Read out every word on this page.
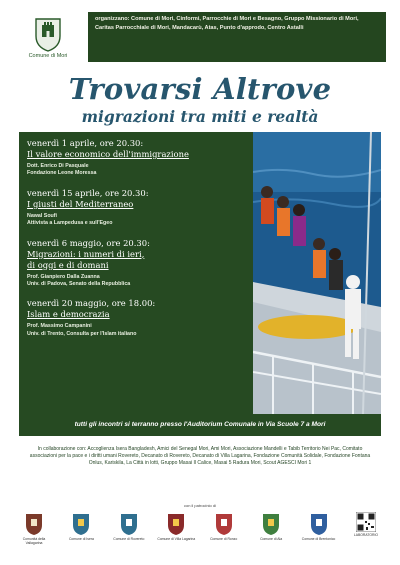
Comune di Mori
organizzano: Comune di Mori, Cinformi, Parrocchie di Mori e Besagno, Gruppo Missionario di Mori, Caritas Parrocchiale di Mori, Mandacarù, Atas, Punto d'approdo, Centro Astalli
Trovarsi Altrove
migrazioni tra miti e realtà
venerdì 1 aprile, ore 20.30:
Il valore economico dell'immigrazione
Dott. Enrico Di Pasquale
Fondazione Leone Moressa
venerdì 15 aprile, ore 20.30:
I giusti del Mediterraneo
Nawal Soufi
Attivista a Lampedusa e sull'Egeo
venerdì 6 maggio, ore 20.30:
Migrazioni: i numeri di ieri,
di oggi e di domani
Prof. Gianpiero Dalla Zuanna
Univ. di Padova, Senato della Repubblica
venerdì 20 maggio, ore 18.00:
Islam e democrazia
Prof. Massimo Campanini
Univ. di Trento, Consulta per l'Islam italiano
tutti gli incontri si terranno presso l'Auditorium Comunale in Via Scuole 7 a Mori
In collaborazione con: Accoglienza Isera Bangladesh, Amici del Senegal Mori, Ami Mori, Associazione Mandelli e Tabib Territorio Nei Pac, Comitato associazioni per la pace e i diritti umani Rovereto, Decanato di Rovereto, Decanato di Villa Lagarina, Fondazione Comunità Solidale, Fondazione Fontana Onlus, Kariskila, La Città in lotti, Gruppo Masai Il Calice, Masai 5 Radura Mori, Scout AGESCI Mori 1
con il patrocinio di
Comunità della Vallagarina
Comune di Isera	Comune di Rovereto	Comune di Villa Lagarina	Comune di Ronzo	Comune di Ala	Comune di Brentonico
LABORATORIO
